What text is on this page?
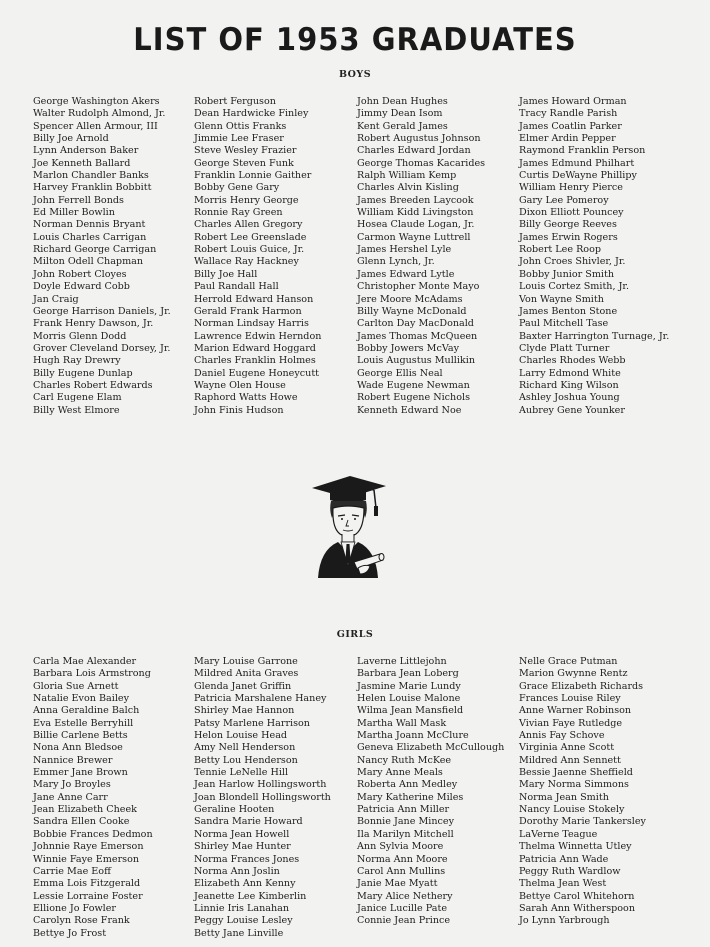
LIST OF 1953 GRADUATES
BOYS
George Washington Akers
Walter Rudolph Almond, Jr.
Spencer Allen Armour, III
Billy Joe Arnold
Lynn Anderson Baker
Joe Kenneth Ballard
Marlon Chandler Banks
Harvey Franklin Bobbitt
John Ferrell Bonds
Ed Miller Bowlin
Norman Dennis Bryant
Louis Charles Carrigan
Richard George Carrigan
Milton Odell Chapman
John Robert Cloyes
Doyle Edward Cobb
Jan Craig
George Harrison Daniels, Jr.
Frank Henry Dawson, Jr.
Morris Glenn Dodd
Grover Cleveland Dorsey, Jr.
Hugh Ray Drewry
Billy Eugene Dunlap
Charles Robert Edwards
Carl Eugene Elam
Billy West Elmore
Robert Ferguson
Dean Hardwicke Finley
Glenn Ottis Franks
Jimmie Lee Fraser
Steve Wesley Frazier
George Steven Funk
Franklin Lonnie Gaither
Bobby Gene Gary
Morris Henry George
Ronnie Ray Green
Charles Allen Gregory
Robert Lee Greenslade
Robert Louis Guice, Jr.
Wallace Ray Hackney
Billy Joe Hall
Paul Randall Hall
Herrold Edward Hanson
Gerald Frank Harmon
Norman Lindsay Harris
Lawrence Edwin Herndon
Marion Edward Hoggard
Charles Franklin Holmes
Daniel Eugene Honeycutt
Wayne Olen House
Raphord Watts Howe
John Finis Hudson
John Dean Hughes
Jimmy Dean Isom
Kent Gerald James
Robert Augustus Johnson
Charles Edward Jordan
George Thomas Kacarides
Ralph William Kemp
Charles Alvin Kisling
James Breeden Laycook
William Kidd Livingston
Hosea Claude Logan, Jr.
Carmon Wayne Luttrell
James Hershel Lyle
Glenn Lynch, Jr.
James Edward Lytle
Christopher Monte Mayo
Jere Moore McAdams
Billy Wayne McDonald
Carlton Day MacDonald
James Thomas McQueen
Bobby Jowers McVay
Louis Augustus Mullikin
George Ellis Neal
Wade Eugene Newman
Robert Eugene Nichols
Kenneth Edward Noe
James Howard Orman
Tracy Randle Parish
James Coatlin Parker
Elmer Ardin Pepper
Raymond Franklin Person
James Edmund Philhart
Curtis DeWayne Phillipy
William Henry Pierce
Gary Lee Pomeroy
Dixon Elliott Pouncey
Billy George Reeves
James Erwin Rogers
Robert Lee Roop
John Croes Shivler, Jr.
Bobby Junior Smith
Louis Cortez Smith, Jr.
Von Wayne Smith
James Benton Stone
Paul Mitchell Tase
Baxter Harrington Turnage, Jr.
Clyde Platt Turner
Charles Rhodes Webb
Larry Edmond White
Richard King Wilson
Ashley Joshua Young
Aubrey Gene Younker
GIRLS
Carla Mae Alexander
Barbara Lois Armstrong
Gloria Sue Arnett
Natalie Evon Bailey
Anna Geraldine Balch
Eva Estelle Berryhill
Billie Carlene Betts
Nona Ann Bledsoe
Nannice Brewer
Emmer Jane Brown
Mary Jo Broyles
Jane Anne Carr
Jean Elizabeth Cheek
Sandra Ellen Cooke
Bobbie Frances Dedmon
Johnnie Raye Emerson
Winnie Faye Emerson
Carrie Mae Eoff
Emma Lois Fitzgerald
Lessie Lorraine Foster
Ellione Jo Fowler
Carolyn Rose Frank
Bettye Jo Frost
Mary Louise Garrone
Mildred Anita Graves
Glenda Janet Griffin
Patricia Marshalene Haney
Shirley Mae Hannon
Patsy Marlene Harrison
Helon Louise Head
Amy Nell Henderson
Betty Lou Henderson
Tennie LeNelle Hill
Jean Harlow Hollingsworth
Joan Blondell Hollingsworth
Geraline Hooten
Sandra Marie Howard
Norma Jean Howell
Shirley Mae Hunter
Norma Frances Jones
Norma Ann Joslin
Elizabeth Ann Kenny
Jeanette Lee Kimberlin
Linnie Iris Lanahan
Peggy Louise Lesley
Betty Jane Linville
Laverne Littlejohn
Barbara Jean Loberg
Jasmine Marie Lundy
Helen Louise Malone
Wilma Jean Mansfield
Martha Wall Mask
Martha Joann McClure
Geneva Elizabeth McCullough
Nancy Ruth McKee
Mary Anne Meals
Roberta Ann Medley
Mary Katherine Miles
Patricia Ann Miller
Bonnie Jane Mincey
Ila Marilyn Mitchell
Ann Sylvia Moore
Norma Ann Moore
Carol Ann Mullins
Janie Mae Myatt
Mary Alice Nethery
Janice Lucille Pate
Connie Jean Prince
Nelle Grace Putman
Marion Gwynne Rentz
Grace Elizabeth Richards
Frances Louise Riley
Anne Warner Robinson
Vivian Faye Rutledge
Annis Fay Schove
Virginia Anne Scott
Mildred Ann Sennett
Bessie Jaenne Sheffield
Mary Norma Simmons
Norma Jean Smith
Nancy Louise Stokely
Dorothy Marie Tankersley
LaVerne Teague
Thelma Winnetta Utley
Patricia Ann Wade
Peggy Ruth Wardlow
Thelma Jean West
Bettye Carol Whitehorn
Sarah Ann Witherspoon
Jo Lynn Yarbrough
